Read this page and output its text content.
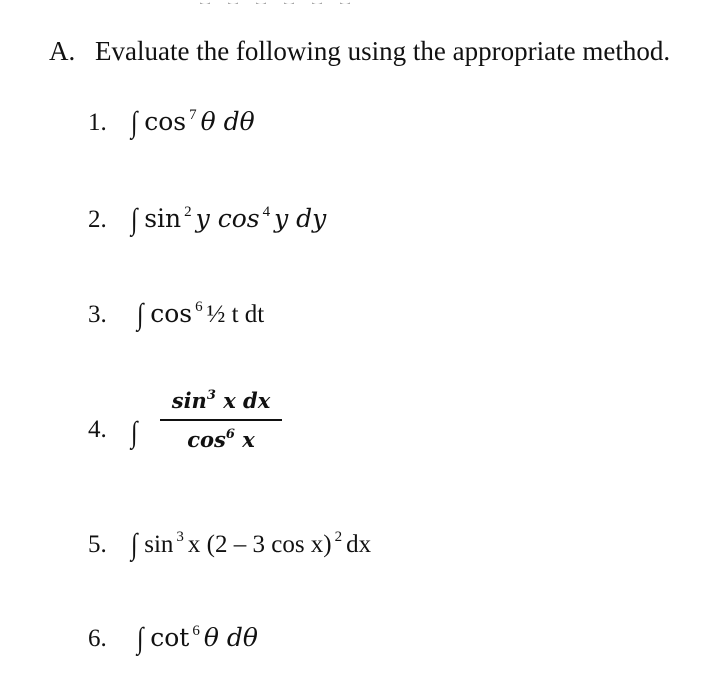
A. Evaluate the following using the appropriate method.
1. ∫ cos $^7$ θ dθ
2. ∫ sin $^2$ y cos $^4$ y dy
3. ∫ cos $^6$ ½ t dt
4. ∫ $\frac{\sin^3 x dx}{\cos^6 x}$
5. ∫ sin $^3$ x (2 – 3 cos x) $^2$ dx
6. ∫ cot $^6$ θ dθ
